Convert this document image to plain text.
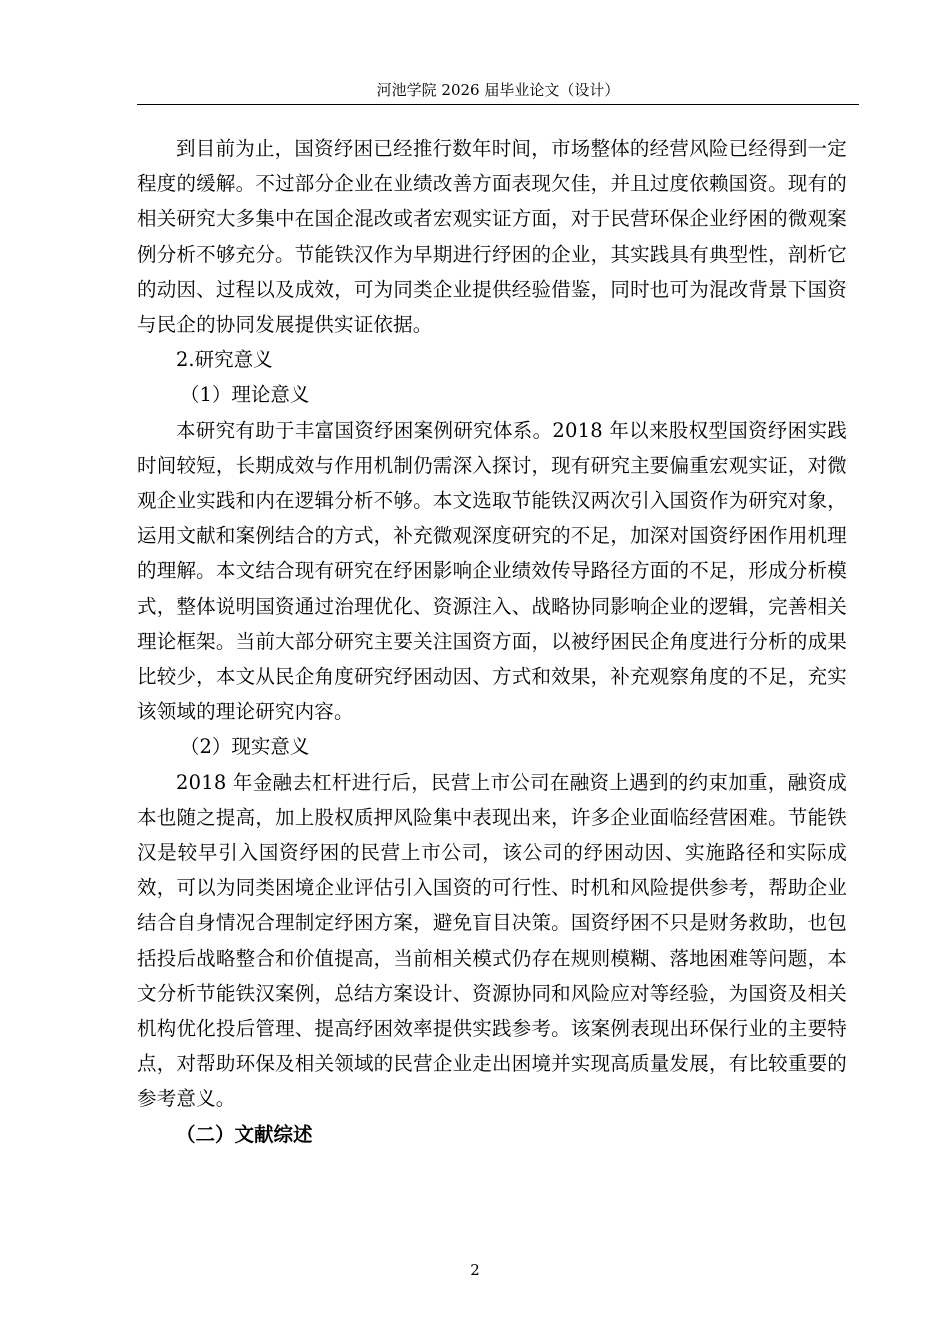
河池学院 2026 届毕业论文（设计）

到目前为止，国资纾困已经推行数年时间，市场整体的经营风险已经得到一定程度的缓解。不过部分企业在业绩改善方面表现欠佳，并且过度依赖国资。现有的相关研究大多集中在国企混改或者宏观实证方面，对于民营环保企业纾困的微观案例分析不够充分。节能铁汉作为早期进行纾困的企业，其实践具有典型性，剖析它的动因、过程以及成效，可为同类企业提供经验借鉴，同时也可为混改背景下国资与民企的协同发展提供实证依据。

2.研究意义

（1）理论意义

本研究有助于丰富国资纾困案例研究体系。2018 年以来股权型国资纾困实践时间较短，长期成效与作用机制仍需深入探讨，现有研究主要偏重宏观实证，对微观企业实践和内在逻辑分析不够。本文选取节能铁汉两次引入国资作为研究对象，运用文献和案例结合的方式，补充微观深度研究的不足，加深对国资纾困作用机理的理解。本文结合现有研究在纾困影响企业绩效传导路径方面的不足，形成分析模式，整体说明国资通过治理优化、资源注入、战略协同影响企业的逻辑，完善相关理论框架。当前大部分研究主要关注国资方面，以被纾困民企角度进行分析的成果比较少，本文从民企角度研究纾困动因、方式和效果，补充观察角度的不足，充实该领域的理论研究内容。

（2）现实意义

2018 年金融去杠杆进行后，民营上市公司在融资上遇到的约束加重，融资成本也随之提高，加上股权质押风险集中表现出来，许多企业面临经营困难。节能铁汉是较早引入国资纾困的民营上市公司，该公司的纾困动因、实施路径和实际成效，可以为同类困境企业评估引入国资的可行性、时机和风险提供参考，帮助企业结合自身情况合理制定纾困方案，避免盲目决策。国资纾困不只是财务救助，也包括投后战略整合和价值提高，当前相关模式仍存在规则模糊、落地困难等问题，本文分析节能铁汉案例，总结方案设计、资源协同和风险应对等经验，为国资及相关机构优化投后管理、提高纾困效率提供实践参考。该案例表现出环保行业的主要特点，对帮助环保及相关领域的民营企业走出困境并实现高质量发展，有比较重要的参考意义。

（二）文献综述

2
